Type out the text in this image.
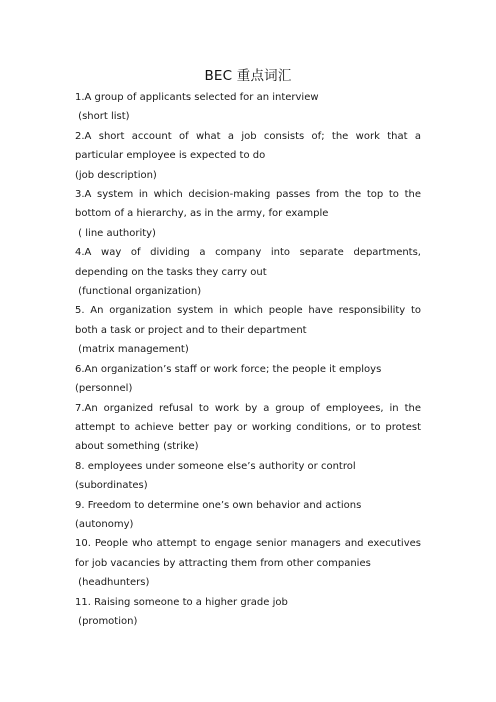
BEC 重点词汇

1.A group of applicants selected for an interview

(short list)

2.A short account of what a job consists of; the work that a particular employee is expected to do

(job description)

3.A system in which decision-making passes from the top to the bottom of a hierarchy, as in the army, for example

( line authority)

4.A way of dividing a company into separate departments, depending on the tasks they carry out

(functional organization)

5. An organization system in which people have responsibility to both a task or project and to their department

(matrix management)

6.An organization’s staff or work force; the people it employs

(personnel)

7.An organized refusal to work by a group of employees, in the attempt to achieve better pay or working conditions, or to protest about something (strike)

8. employees under someone else’s authority or control

(subordinates)

9. Freedom to determine one’s own behavior and actions

(autonomy)

10. People who attempt to engage senior managers and executives for job vacancies by attracting them from other companies

(headhunters)

11. Raising someone to a higher grade job

(promotion)
